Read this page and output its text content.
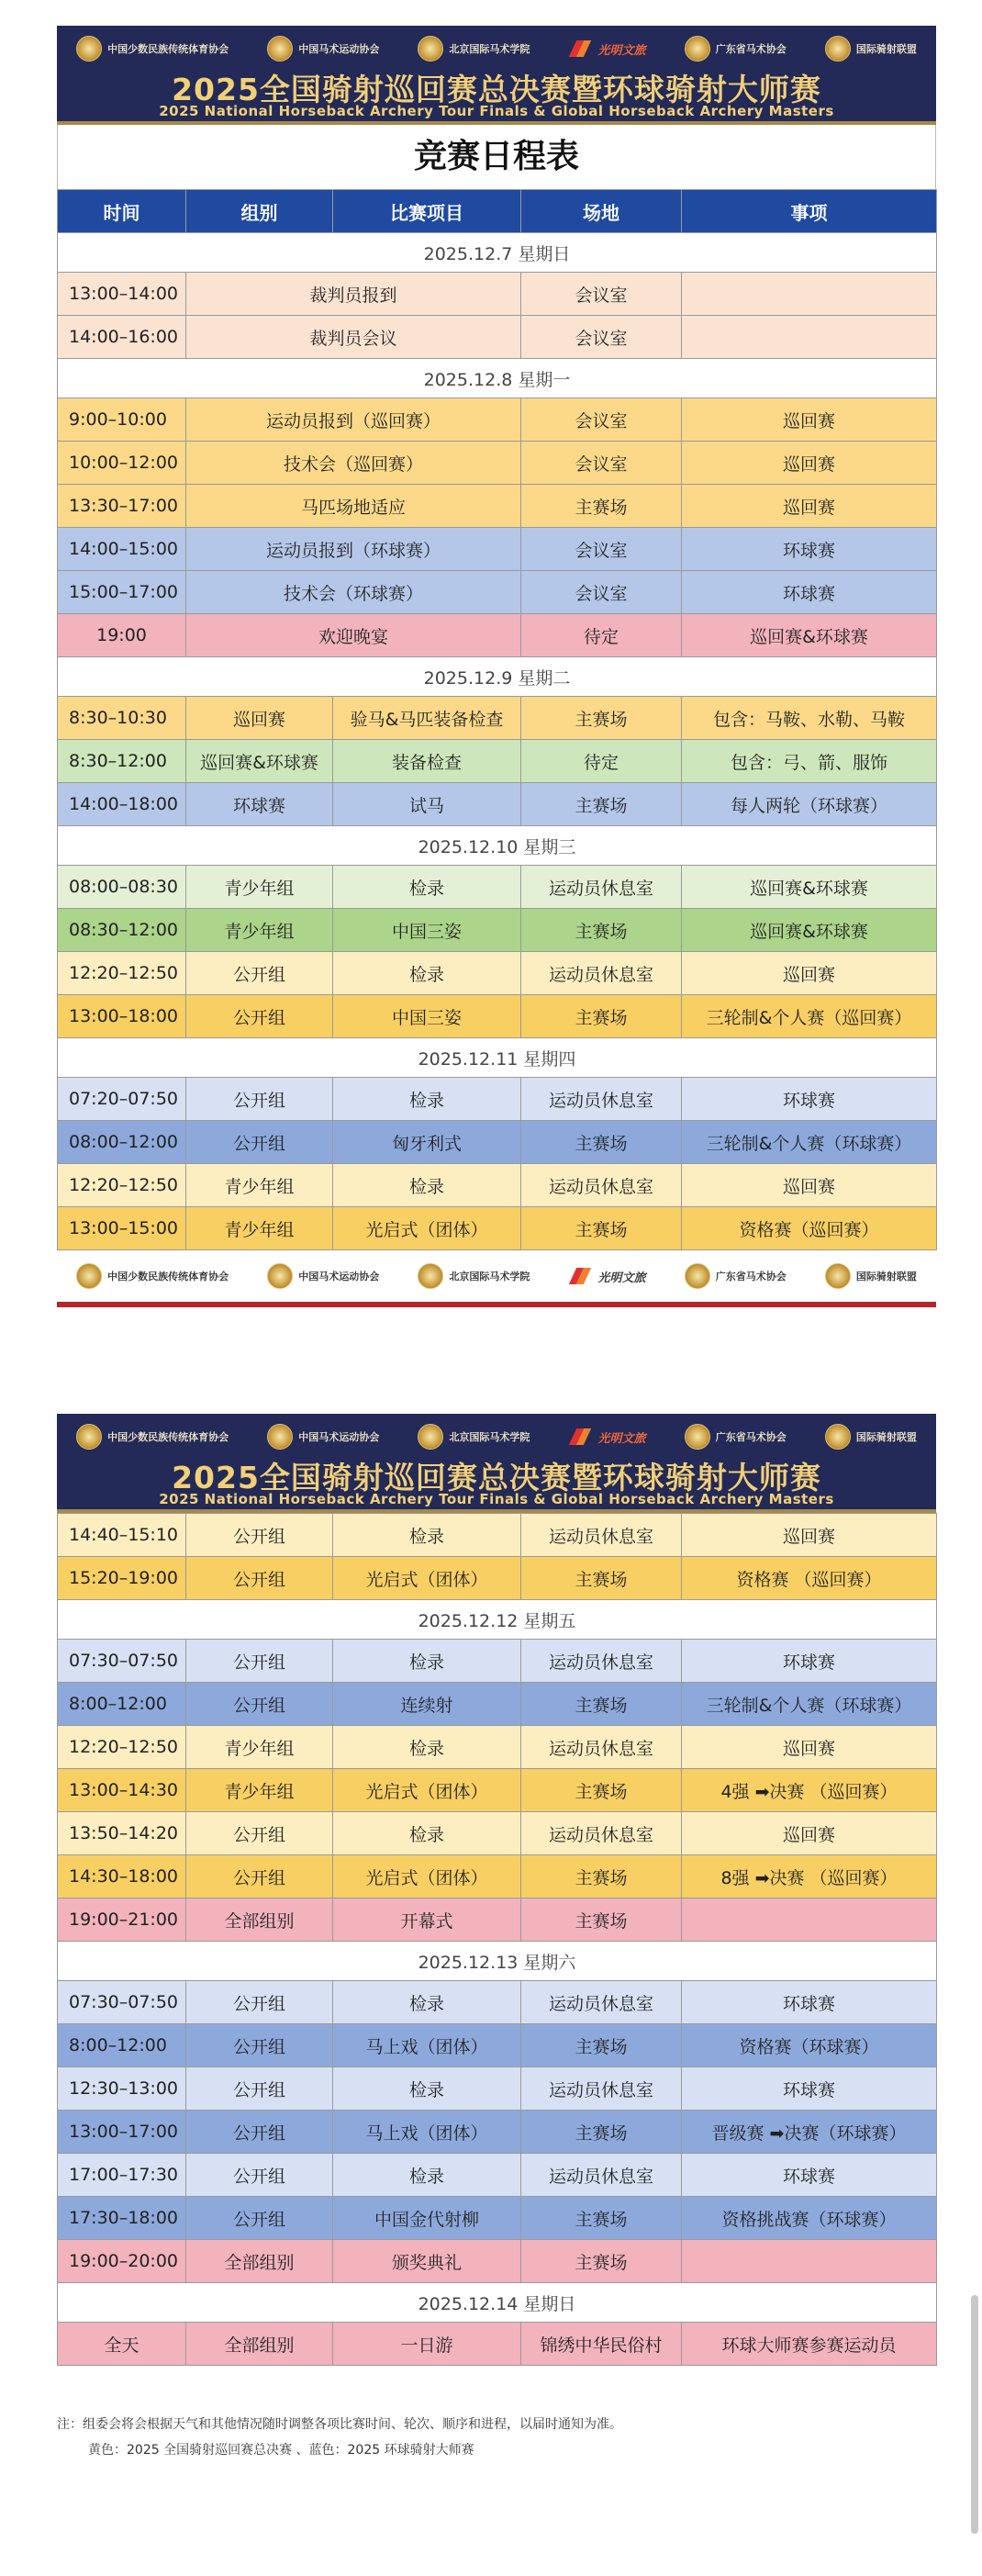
中国少数民族传统体育协会	中国马术运动协会	北京国际马术学院	光明文旅	广东省马术协会	国际骑射联盟
2025全国骑射巡回赛总决赛暨环球骑射大师赛
2025 National Horseback Archery Tour Finals & Global Horseback Archery Masters
竞赛日程表
时间	组别	比赛项目	场地	事项
2025.12.7 星期日				
13:00–14:00	裁判员报到		会议室	
14:00–16:00	裁判员会议		会议室	
2025.12.8 星期一				
9:00–10:00	运动员报到（巡回赛）		会议室	巡回赛
10:00–12:00	技术会（巡回赛）		会议室	巡回赛
13:30–17:00	马匹场地适应		主赛场	巡回赛
14:00–15:00	运动员报到（环球赛）		会议室	环球赛
15:00–17:00	技术会（环球赛）		会议室	环球赛
19:00	欢迎晚宴		待定	巡回赛&环球赛
2025.12.9 星期二				
8:30–10:30	巡回赛	验马&马匹装备检查	主赛场	包含：马鞍、水勒、马鞍
8:30–12:00	巡回赛&环球赛	装备检查	待定	包含：弓、箭、服饰
14:00–18:00	环球赛	试马	主赛场	每人两轮（环球赛）
2025.12.10 星期三				
08:00–08:30	青少年组	检录	运动员休息室	巡回赛&环球赛
08:30–12:00	青少年组	中国三姿	主赛场	巡回赛&环球赛
12:20–12:50	公开组	检录	运动员休息室	巡回赛
13:00–18:00	公开组	中国三姿	主赛场	三轮制&个人赛（巡回赛）
2025.12.11 星期四				
07:20–07:50	公开组	检录	运动员休息室	环球赛
08:00–12:00	公开组	匈牙利式	主赛场	三轮制&个人赛（环球赛）
12:20–12:50	青少年组	检录	运动员休息室	巡回赛
13:00–15:00	青少年组	光启式（团体）	主赛场	资格赛（巡回赛）
中国少数民族传统体育协会	中国马术运动协会	北京国际马术学院	光明文旅	广东省马术协会	国际骑射联盟
中国少数民族传统体育协会	中国马术运动协会	北京国际马术学院	光明文旅	广东省马术协会	国际骑射联盟
2025全国骑射巡回赛总决赛暨环球骑射大师赛
2025 National Horseback Archery Tour Finals & Global Horseback Archery Masters
14:40–15:10	公开组	检录	运动员休息室	巡回赛
15:20–19:00	公开组	光启式（团体）	主赛场	资格赛 （巡回赛）
2025.12.12 星期五				
07:30–07:50	公开组	检录	运动员休息室	环球赛
8:00–12:00	公开组	连续射	主赛场	三轮制&个人赛（环球赛）
12:20–12:50	青少年组	检录	运动员休息室	巡回赛
13:00–14:30	青少年组	光启式（团体）	主赛场	4强 ➡决赛 （巡回赛）
13:50–14:20	公开组	检录	运动员休息室	巡回赛
14:30–18:00	公开组	光启式（团体）	主赛场	8强 ➡决赛 （巡回赛）
19:00–21:00	全部组别	开幕式	主赛场	
2025.12.13 星期六				
07:30–07:50	公开组	检录	运动员休息室	环球赛
8:00–12:00	公开组	马上戏（团体）	主赛场	资格赛（环球赛）
12:30–13:00	公开组	检录	运动员休息室	环球赛
13:00–17:00	公开组	马上戏（团体）	主赛场	晋级赛 ➡决赛（环球赛）
17:00–17:30	公开组	检录	运动员休息室	环球赛
17:30–18:00	公开组	中国金代射柳	主赛场	资格挑战赛（环球赛）
19:00–20:00	全部组别	颁奖典礼	主赛场	
2025.12.14 星期日				
全天	全部组别	一日游	锦绣中华民俗村	环球大师赛参赛运动员
注：组委会将会根据天气和其他情况随时调整各项比赛时间、轮次、顺序和进程，以届时通知为准。
黄色：2025 全国骑射巡回赛总决赛 、蓝色：2025 环球骑射大师赛
